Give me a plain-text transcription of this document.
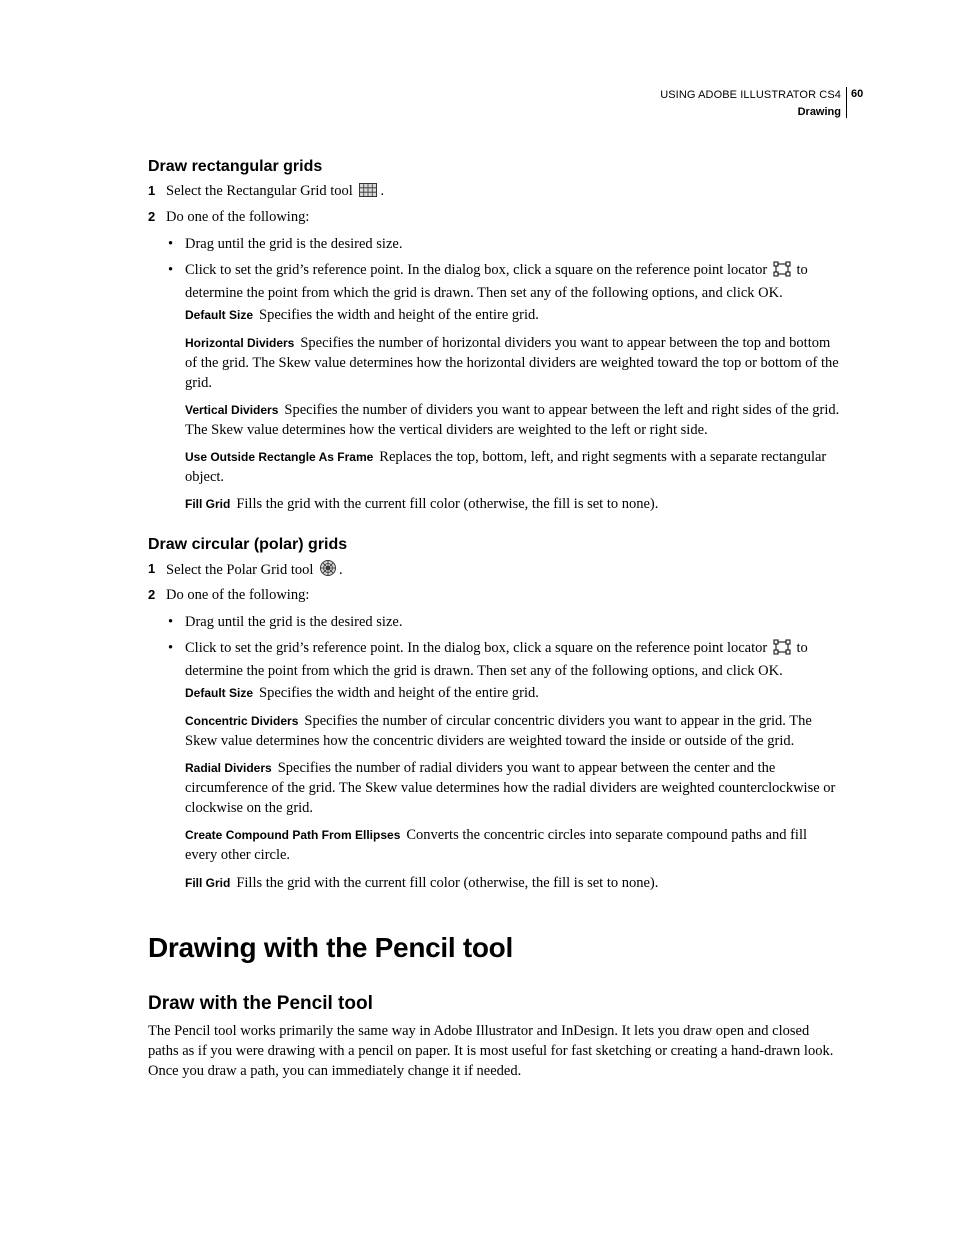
USING ADOBE ILLUSTRATOR CS4
Drawing
60
Draw rectangular grids
1 Select the Rectangular Grid tool .
2 Do one of the following:
• Drag until the grid is the desired size.
• Click to set the grid’s reference point. In the dialog box, click a square on the reference point locator to determine the point from which the grid is drawn. Then set any of the following options, and click OK.
Default Size Specifies the width and height of the entire grid.
Horizontal Dividers Specifies the number of horizontal dividers you want to appear between the top and bottom of the grid. The Skew value determines how the horizontal dividers are weighted toward the top or bottom of the grid.
Vertical Dividers Specifies the number of dividers you want to appear between the left and right sides of the grid. The Skew value determines how the vertical dividers are weighted to the left or right side.
Use Outside Rectangle As Frame Replaces the top, bottom, left, and right segments with a separate rectangular object.
Fill Grid Fills the grid with the current fill color (otherwise, the fill is set to none).
Draw circular (polar) grids
1 Select the Polar Grid tool .
2 Do one of the following:
• Drag until the grid is the desired size.
• Click to set the grid’s reference point. In the dialog box, click a square on the reference point locator to determine the point from which the grid is drawn. Then set any of the following options, and click OK.
Default Size Specifies the width and height of the entire grid.
Concentric Dividers Specifies the number of circular concentric dividers you want to appear in the grid. The Skew value determines how the concentric dividers are weighted toward the inside or outside of the grid.
Radial Dividers Specifies the number of radial dividers you want to appear between the center and the circumference of the grid. The Skew value determines how the radial dividers are weighted counterclockwise or clockwise on the grid.
Create Compound Path From Ellipses Converts the concentric circles into separate compound paths and fill every other circle.
Fill Grid Fills the grid with the current fill color (otherwise, the fill is set to none).
Drawing with the Pencil tool
Draw with the Pencil tool
The Pencil tool works primarily the same way in Adobe Illustrator and InDesign. It lets you draw open and closed paths as if you were drawing with a pencil on paper. It is most useful for fast sketching or creating a hand-drawn look. Once you draw a path, you can immediately change it if needed.
